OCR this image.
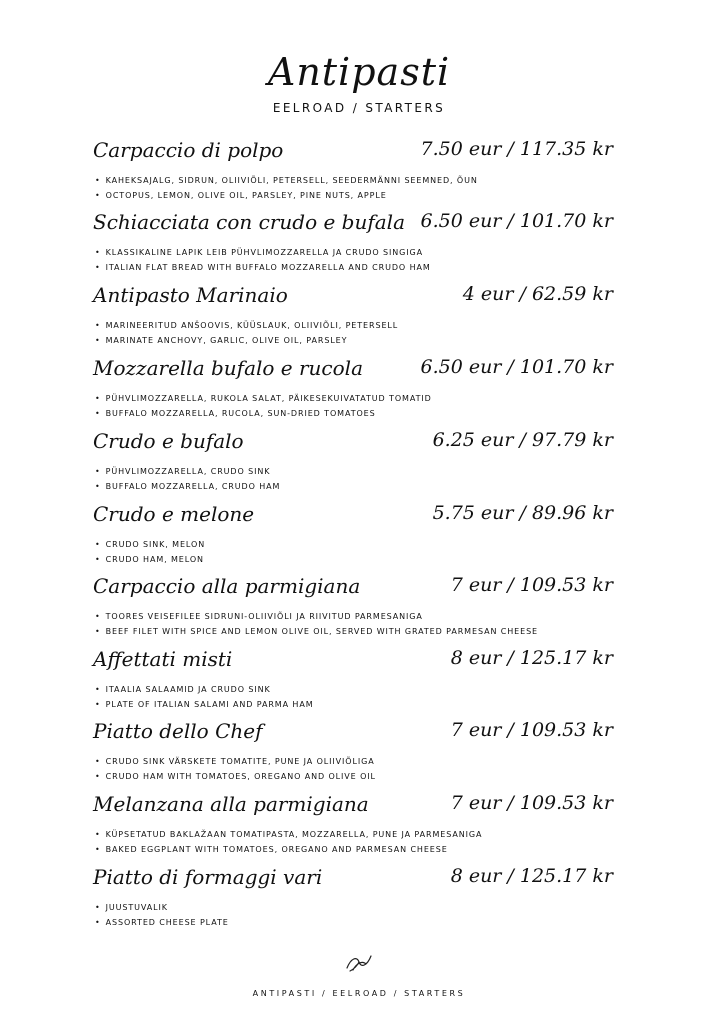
Antipasti
EELROAD / STARTERS
Carpaccio di polpo	7.50 eur / 117.35 kr
• KAHEKSAJALG, SIDRUN, OLIIVIÕLI, PETERSELL, SEEDERMÄNNI SEEMNED, ÕUN
• OCTOPUS, LEMON, OLIVE OIL, PARSLEY, PINE NUTS, APPLE
Schiacciata con crudo e bufala 6.50 eur / 101.70 kr
• KLASSIKALINE LAPIK LEIB PÜHVLIMOZZARELLA JA CRUDO SINGIGA
• ITALIAN FLAT BREAD WITH BUFFALO MOZZARELLA AND CRUDO HAM
Antipasto Marinaio	4 eur / 62.59 kr
• MARINEERITUD ANŠOOVIS, KÜÜSLAUK, OLIIVIÕLI, PETERSELL
• MARINATE ANCHOVY, GARLIC, OLIVE OIL, PARSLEY
Mozzarella bufalo e rucola	6.50 eur / 101.70 kr
• PÜHVLIMOZZARELLA, RUKOLA SALAT, PÄIKESEKUIVATATUD TOMATID
• BUFFALO MOZZARELLA, RUCOLA, SUN-DRIED TOMATOES
Crudo e bufalo	6.25 eur / 97.79 kr
• PÜHVLIMOZZARELLA, CRUDO SINK
• BUFFALO MOZZARELLA, CRUDO HAM
Crudo e melone	5.75 eur / 89.96 kr
• CRUDO SINK, MELON
• CRUDO HAM, MELON
Carpaccio alla parmigiana	7 eur / 109.53 kr
• TOORES VEISEFILEE SIDRUNI-OLIIVIÕLI JA RIIVITUD PARMESANIGA
• BEEF FILET WITH SPICE AND LEMON OLIVE OIL, SERVED WITH GRATED PARMESAN CHEESE
Affettati misti	8 eur / 125.17 kr
• ITAALIA SALAAMID JA CRUDO SINK
• PLATE OF ITALIAN SALAMI AND PARMA HAM
Piatto dello Chef	7 eur / 109.53 kr
• CRUDO SINK VÄRSKETE TOMATITE, PUNE JA OLIIVIÕLIGA
• CRUDO HAM WITH TOMATOES, OREGANO AND OLIVE OIL
Melanzana alla parmigiana	7 eur / 109.53 kr
• KÜPSETATUD BAKLAŽAAN TOMATIPASTA, MOZZARELLA, PUNE JA PARMESANIGA
• BAKED EGGPLANT WITH TOMATOES, OREGANO AND PARMESAN CHEESE
Piatto di formaggi vari	8 eur / 125.17 kr
• JUUSTUVALIK
• ASSORTED CHEESE PLATE
ANTIPASTI / EELROAD / STARTERS
